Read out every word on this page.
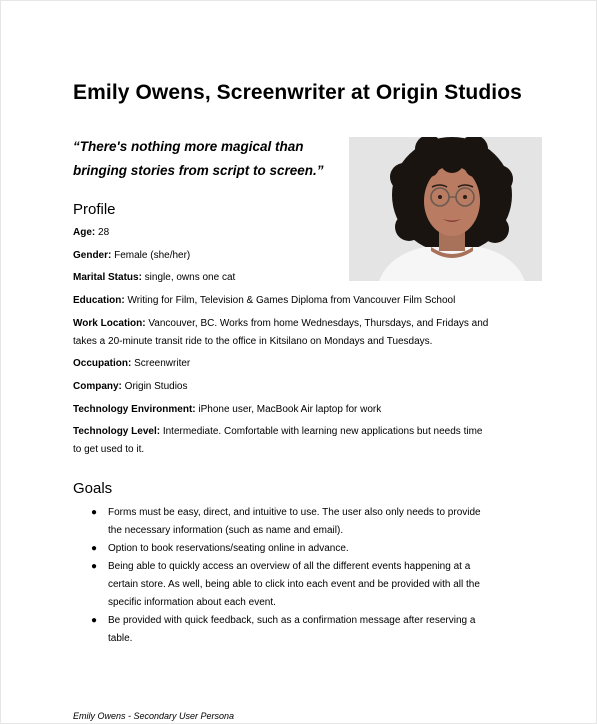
Emily Owens, Screenwriter at Origin Studios
“There's nothing more magical than
bringing stories from script to screen.”
Profile
Age: 28
Gender: Female (she/her)
Marital Status: single, owns one cat
Education: Writing for Film, Television & Games Diploma from Vancouver Film School
Work Location: Vancouver, BC. Works from home Wednesdays, Thursdays, and Fridays and
takes a 20-minute transit ride to the office in Kitsilano on Mondays and Tuesdays.
Occupation: Screenwriter
Company: Origin Studios
Technology Environment: iPhone user, MacBook Air laptop for work
Technology Level: Intermediate. Comfortable with learning new applications but needs time
to get used to it.
Goals
● Forms must be easy, direct, and intuitive to use. The user also only needs to provide
the necessary information (such as name and email).
● Option to book reservations/seating online in advance.
● Being able to quickly access an overview of all the different events happening at a
certain store. As well, being able to click into each event and be provided with all the
specific information about each event.
● Be provided with quick feedback, such as a confirmation message after reserving a
table.
Emily Owens - Secondary User Persona
